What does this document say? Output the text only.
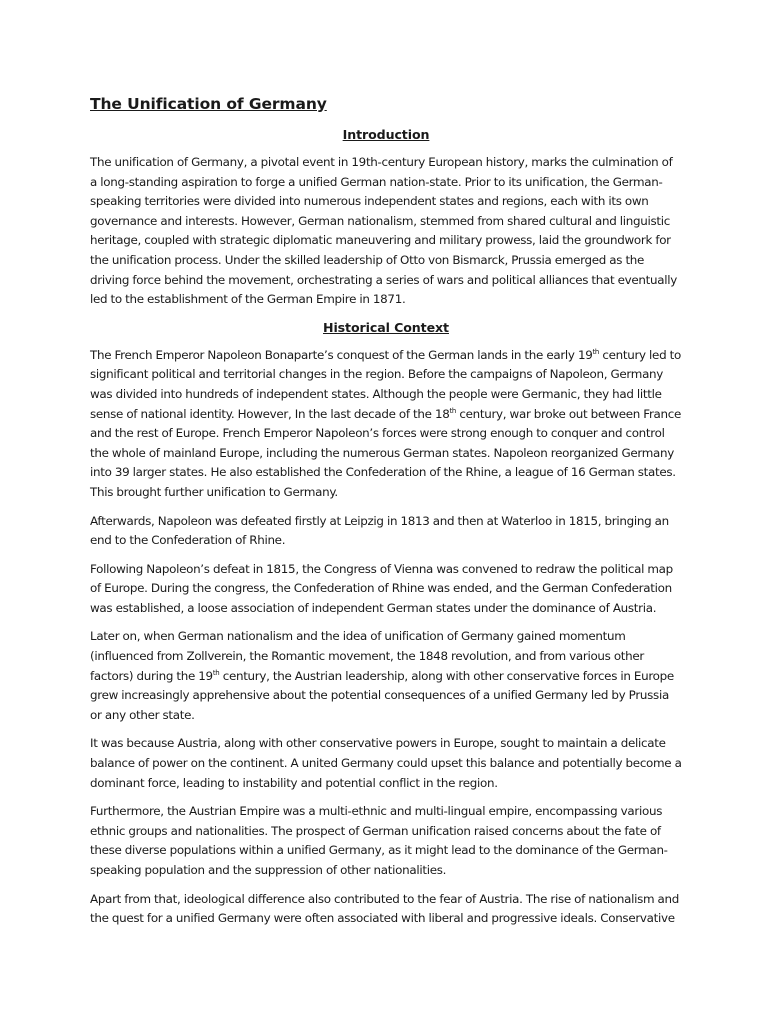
The Unification of Germany
Introduction

The unification of Germany, a pivotal event in 19th-century European history, marks the culmination of a long-standing aspiration to forge a unified German nation-state. Prior to its unification, the German-speaking territories were divided into numerous independent states and regions, each with its own governance and interests. However, German nationalism, stemmed from shared cultural and linguistic heritage, coupled with strategic diplomatic maneuvering and military prowess, laid the groundwork for the unification process. Under the skilled leadership of Otto von Bismarck, Prussia emerged as the driving force behind the movement, orchestrating a series of wars and political alliances that eventually led to the establishment of the German Empire in 1871.

Historical Context

The French Emperor Napoleon Bonaparte’s conquest of the German lands in the early 19th century led to significant political and territorial changes in the region. Before the campaigns of Napoleon, Germany was divided into hundreds of independent states. Although the people were Germanic, they had little sense of national identity. However, In the last decade of the 18th century, war broke out between France and the rest of Europe. French Emperor Napoleon’s forces were strong enough to conquer and control the whole of mainland Europe, including the numerous German states. Napoleon reorganized Germany into 39 larger states. He also established the Confederation of the Rhine, a league of 16 German states. This brought further unification to Germany.

Afterwards, Napoleon was defeated firstly at Leipzig in 1813 and then at Waterloo in 1815, bringing an end to the Confederation of Rhine.

Following Napoleon’s defeat in 1815, the Congress of Vienna was convened to redraw the political map of Europe. During the congress, the Confederation of Rhine was ended, and the German Confederation was established, a loose association of independent German states under the dominance of Austria.

Later on, when German nationalism and the idea of unification of Germany gained momentum (influenced from Zollverein, the Romantic movement, the 1848 revolution, and from various other factors) during the 19th century, the Austrian leadership, along with other conservative forces in Europe grew increasingly apprehensive about the potential consequences of a unified Germany led by Prussia or any other state.

It was because Austria, along with other conservative powers in Europe, sought to maintain a delicate balance of power on the continent. A united Germany could upset this balance and potentially become a dominant force, leading to instability and potential conflict in the region.

Furthermore, the Austrian Empire was a multi-ethnic and multi-lingual empire, encompassing various ethnic groups and nationalities. The prospect of German unification raised concerns about the fate of these diverse populations within a unified Germany, as it might lead to the dominance of the German-speaking population and the suppression of other nationalities.

Apart from that, ideological difference also contributed to the fear of Austria. The rise of nationalism and the quest for a unified Germany were often associated with liberal and progressive ideals. Conservative
